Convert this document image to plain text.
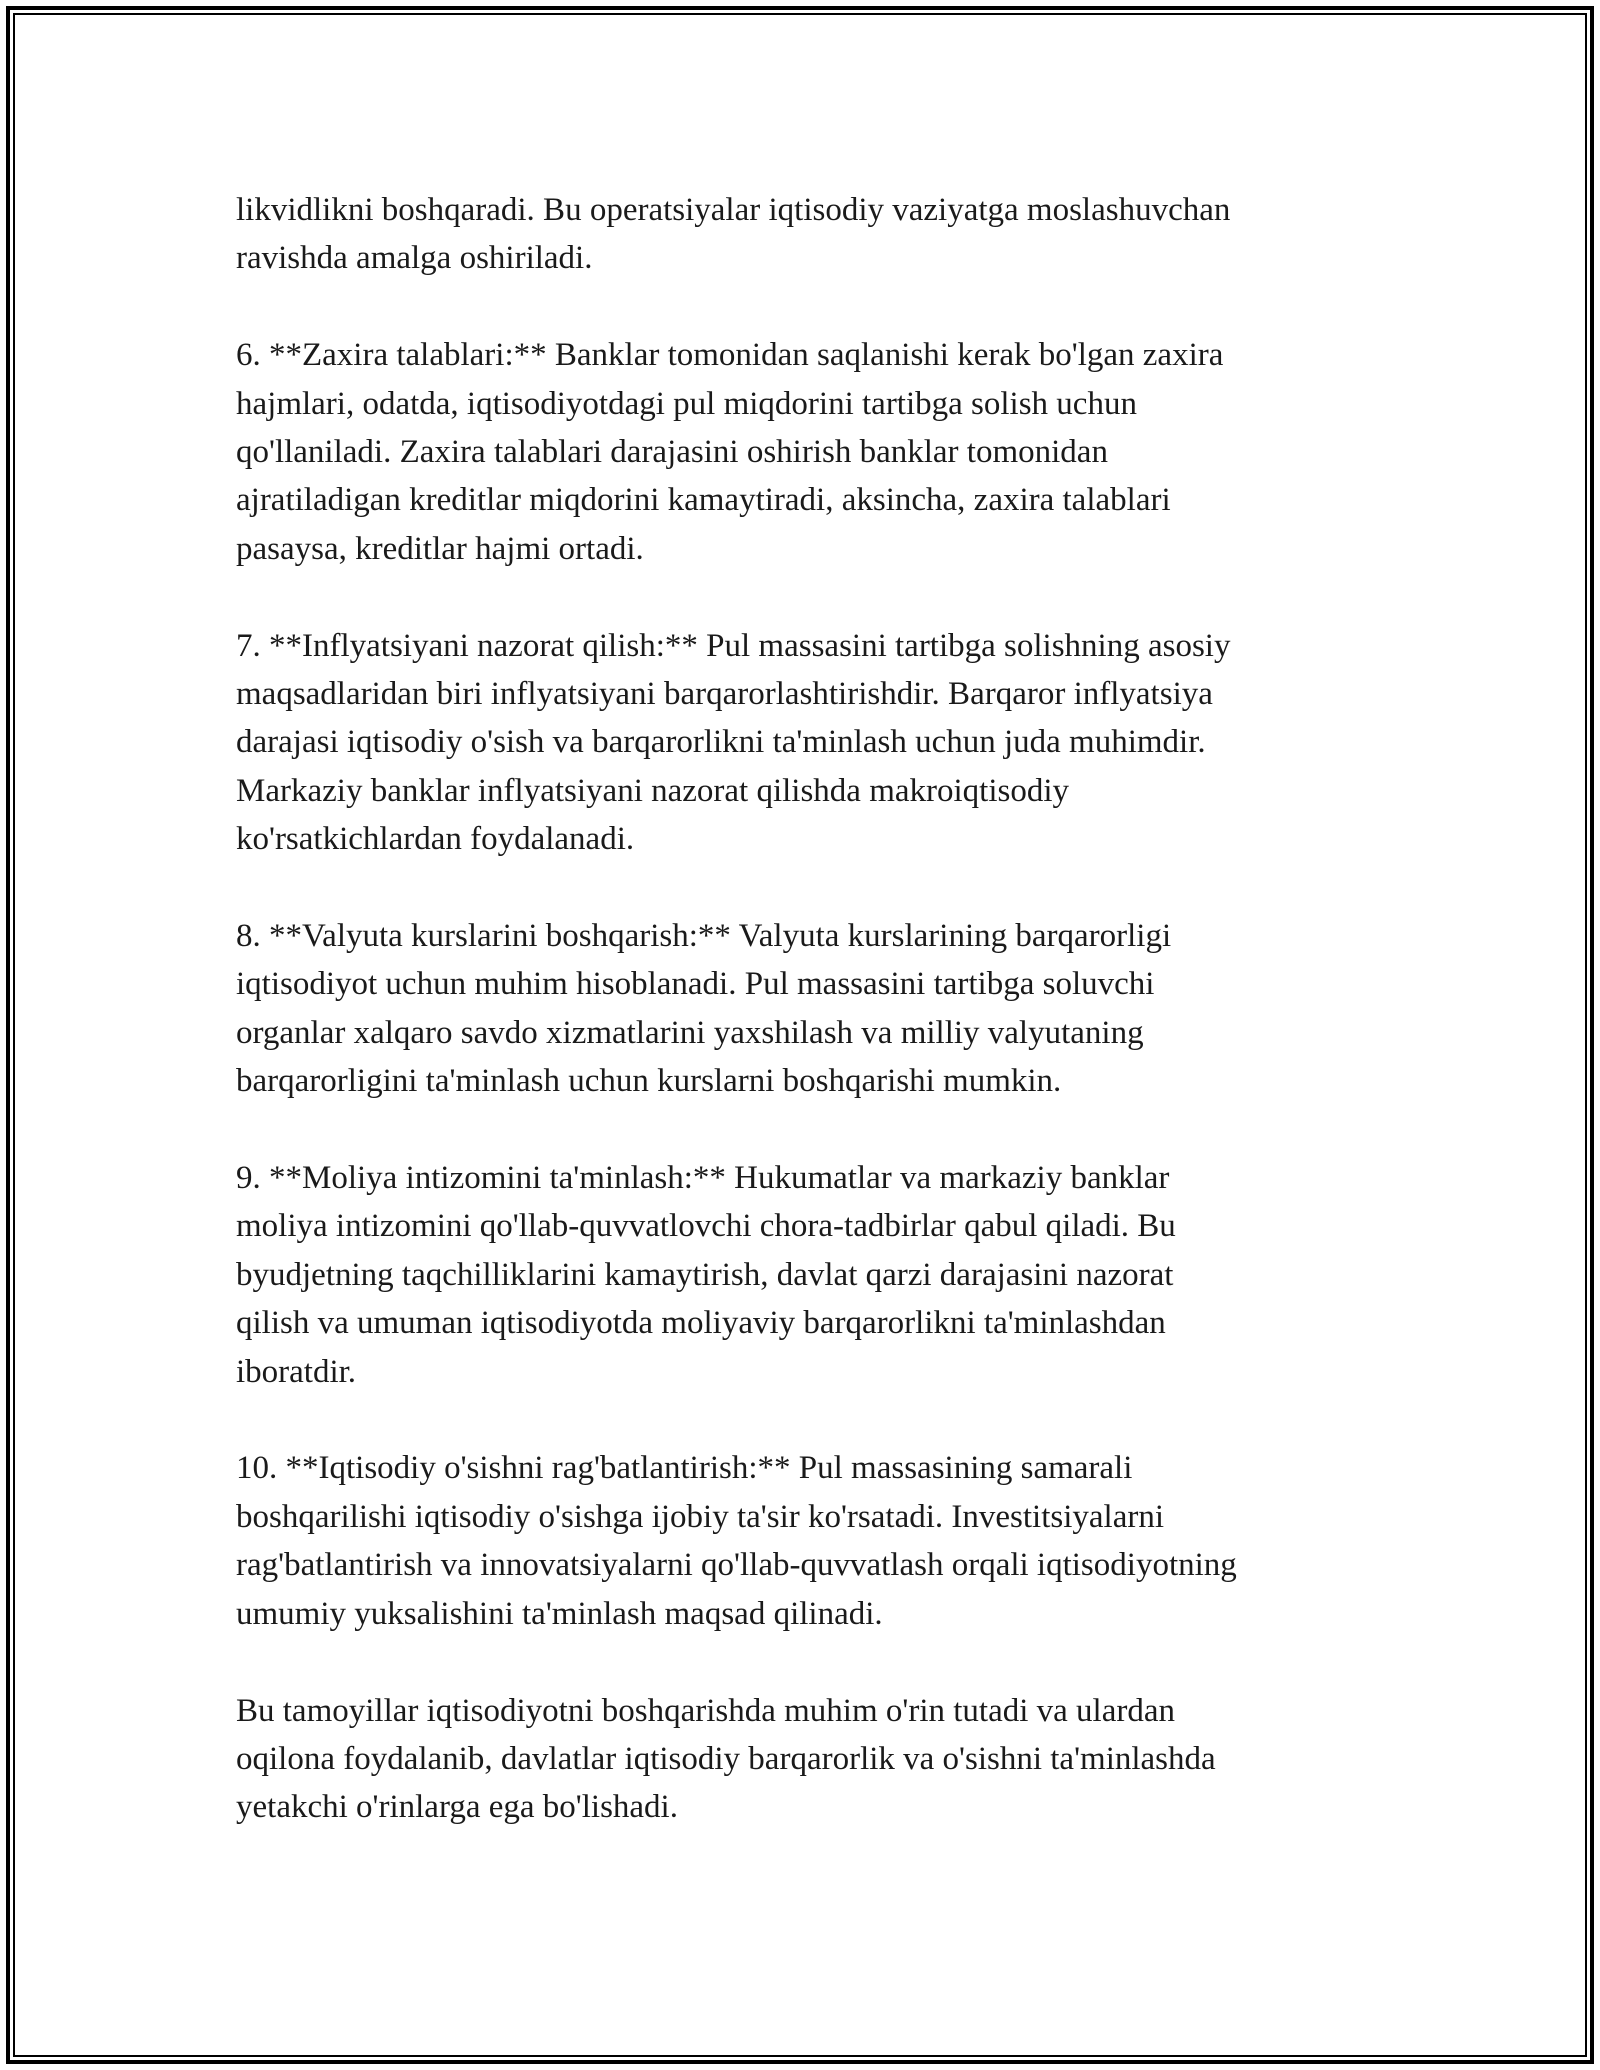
likvidlikni boshqaradi. Bu operatsiyalar iqtisodiy vaziyatga moslashuvchan
ravishda amalga oshiriladi.

6. **Zaxira talablari:** Banklar tomonidan saqlanishi kerak bo'lgan zaxira
hajmlari, odatda, iqtisodiyotdagi pul miqdorini tartibga solish uchun
qo'llaniladi. Zaxira talablari darajasini oshirish banklar tomonidan
ajratiladigan kreditlar miqdorini kamaytiradi, aksincha, zaxira talablari
pasaysa, kreditlar hajmi ortadi.

7. **Inflyatsiyani nazorat qilish:** Pul massasini tartibga solishning asosiy
maqsadlaridan biri inflyatsiyani barqarorlashtirishdir. Barqaror inflyatsiya
darajasi iqtisodiy o'sish va barqarorlikni ta'minlash uchun juda muhimdir.
Markaziy banklar inflyatsiyani nazorat qilishda makroiqtisodiy
ko'rsatkichlardan foydalanadi.

8. **Valyuta kurslarini boshqarish:** Valyuta kurslarining barqarorligi
iqtisodiyot uchun muhim hisoblanadi. Pul massasini tartibga soluvchi
organlar xalqaro savdo xizmatlarini yaxshilash va milliy valyutaning
barqarorligini ta'minlash uchun kurslarni boshqarishi mumkin.

9. **Moliya intizomini ta'minlash:** Hukumatlar va markaziy banklar
moliya intizomini qo'llab-quvvatlovchi chora-tadbirlar qabul qiladi. Bu
byudjetning taqchilliklarini kamaytirish, davlat qarzi darajasini nazorat
qilish va umuman iqtisodiyotda moliyaviy barqarorlikni ta'minlashdan
iboratdir.

10. **Iqtisodiy o'sishni rag'batlantirish:** Pul massasining samarali
boshqarilishi iqtisodiy o'sishga ijobiy ta'sir ko'rsatadi. Investitsiyalarni
rag'batlantirish va innovatsiyalarni qo'llab-quvvatlash orqali iqtisodiyotning
umumiy yuksalishini ta'minlash maqsad qilinadi.

Bu tamoyillar iqtisodiyotni boshqarishda muhim o'rin tutadi va ulardan
oqilona foydalanib, davlatlar iqtisodiy barqarorlik va o'sishni ta'minlashda
yetakchi o'rinlarga ega bo'lishadi.
